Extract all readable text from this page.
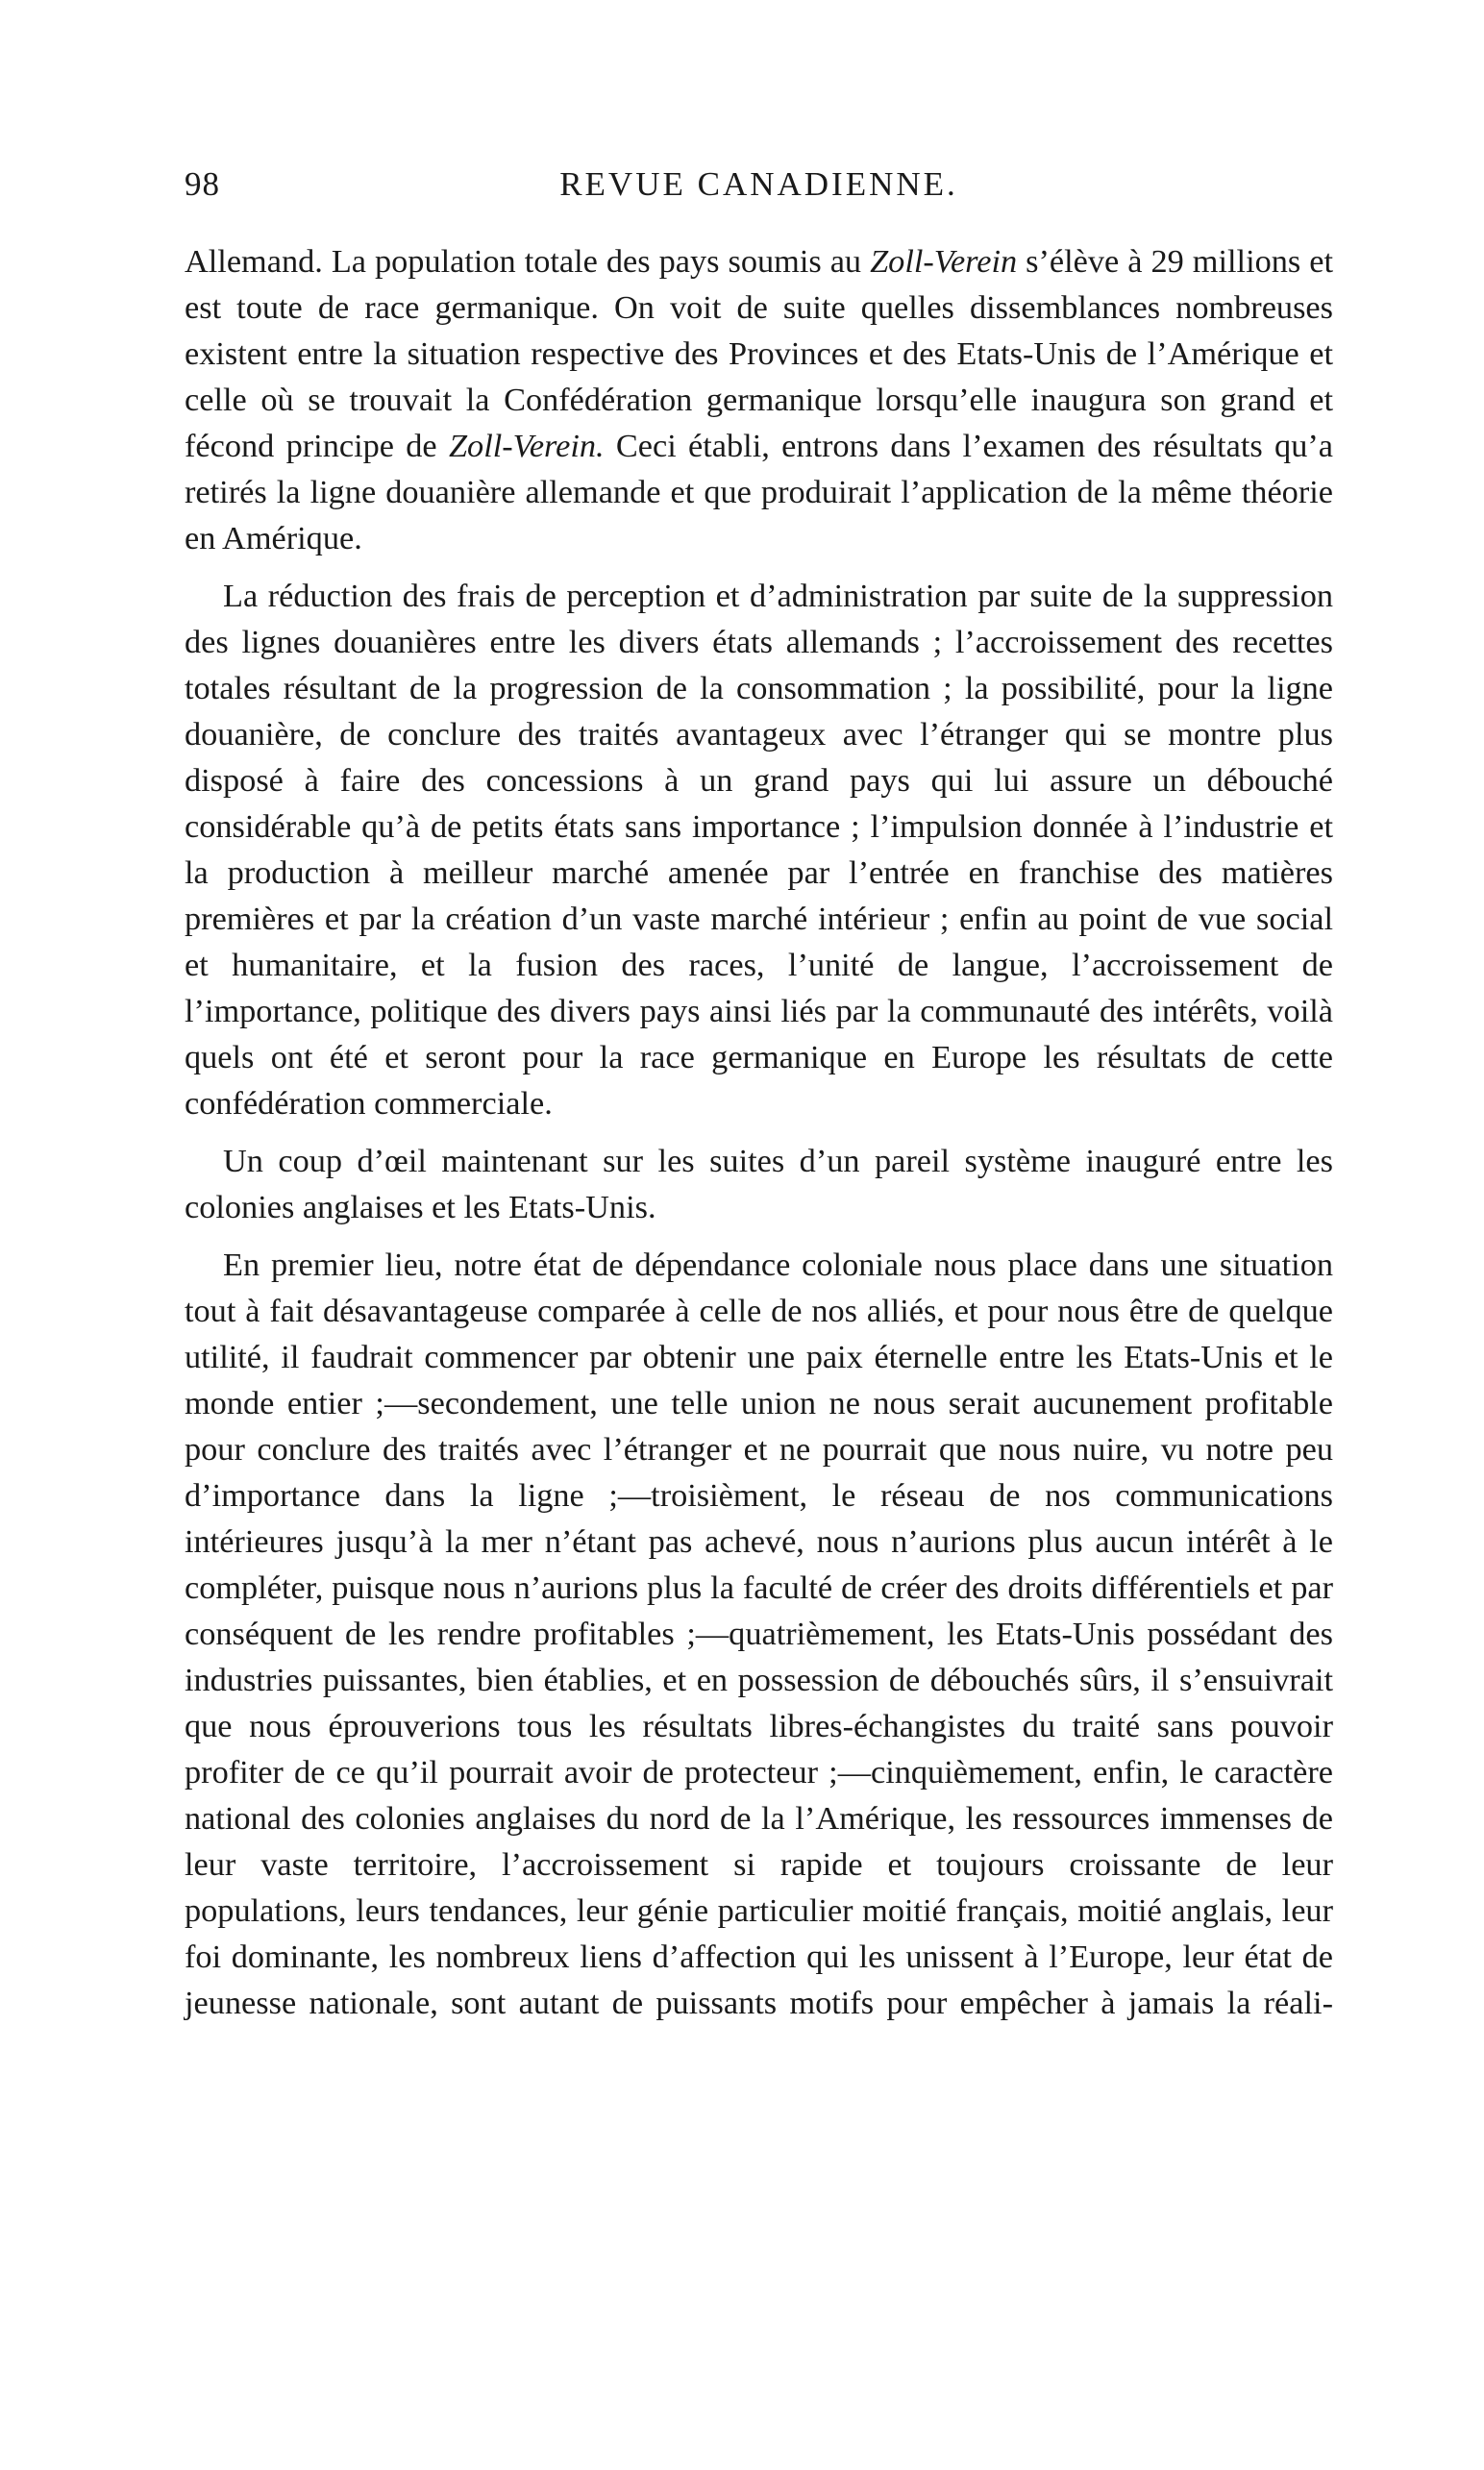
98	REVUE CANADIENNE.

Allemand. La population totale des pays soumis au Zoll-Verein s’élève à 29 millions et est toute de race germanique. On voit de suite quelles dissemblances nombreuses existent entre la situation respective des Provinces et des Etats-Unis de l’Amérique et celle où se trouvait la Confédération germanique lorsqu’elle inaugura son grand et fécond principe de Zoll-Verein. Ceci établi, entrons dans l’examen des résultats qu’a retirés la ligne douanière allemande et que produirait l’application de la même théorie en Amérique.

La réduction des frais de perception et d’administration par suite de la suppression des lignes douanières entre les divers états allemands ; l’accroissement des recettes totales résultant de la progression de la consommation ; la possibilité, pour la ligne douanière, de conclure des traités avantageux avec l’étranger qui se montre plus disposé à faire des concessions à un grand pays qui lui assure un débouché considérable qu’à de petits états sans importance ; l’impulsion donnée à l’industrie et la production à meilleur marché amenée par l’entrée en franchise des matières premières et par la création d’un vaste marché intérieur ; enfin au point de vue social et humanitaire, et la fusion des races, l’unité de langue, l’accroissement de l’importance, politique des divers pays ainsi liés par la communauté des intérêts, voilà quels ont été et seront pour la race germanique en Europe les résultats de cette confédération commerciale.

Un coup d’œil maintenant sur les suites d’un pareil système inauguré entre les colonies anglaises et les Etats-Unis.

En premier lieu, notre état de dépendance coloniale nous place dans une situation tout à fait désavantageuse comparée à celle de nos alliés, et pour nous être de quelque utilité, il faudrait commencer par obtenir une paix éternelle entre les Etats-Unis et le monde entier ;—secondement, une telle union ne nous serait aucunement profitable pour conclure des traités avec l’étranger et ne pourrait que nous nuire, vu notre peu d’importance dans la ligne ;—troisièment, le réseau de nos communications intérieures jusqu’à la mer n’étant pas achevé, nous n’aurions plus aucun intérêt à le compléter, puisque nous n’aurions plus la faculté de créer des droits différentiels et par conséquent de les rendre profitables ;—quatrièmement, les Etats-Unis possédant des industries puissantes, bien établies, et en possession de débouchés sûrs, il s’ensuivrait que nous éprouverions tous les résultats libres-échangistes du traité sans pouvoir profiter de ce qu’il pourrait avoir de protecteur ;—cinquièmement, enfin, le caractère national des colonies anglaises du nord de la l’Amérique, les ressources immenses de leur vaste territoire, l’accroissement si rapide et toujours croissante de leur populations, leurs tendances, leur génie particulier moitié français, moitié anglais, leur foi dominante, les nombreux liens d’affection qui les unissent à l’Europe, leur état de jeunesse nationale, sont autant de puissants motifs pour empêcher à jamais la réali-
